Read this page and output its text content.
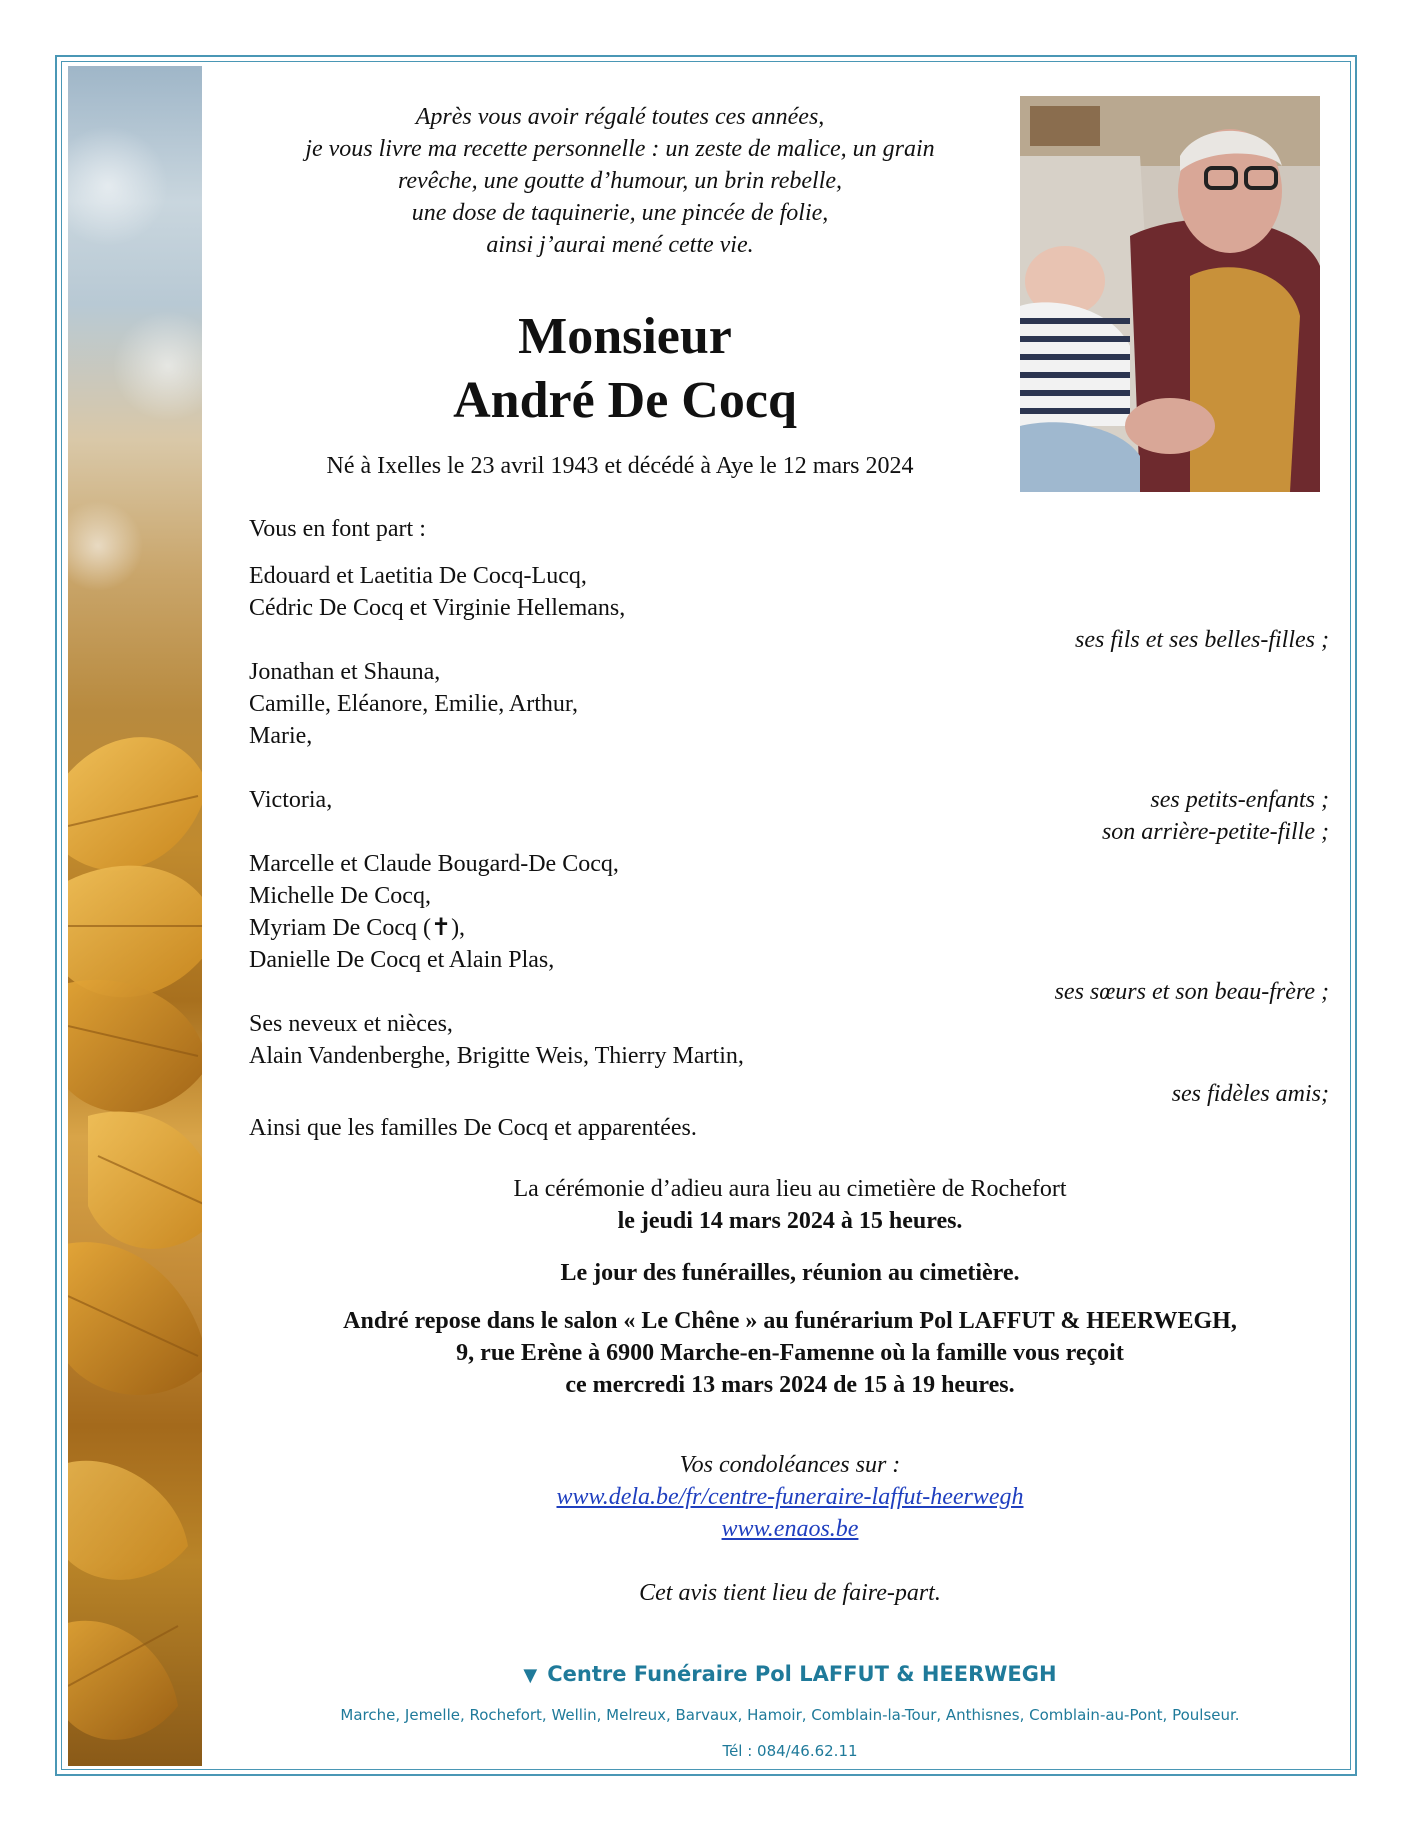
Après vous avoir régalé toutes ces années,
je vous livre ma recette personnelle : un zeste de malice, un grain
revêche, une goutte d’humour, un brin rebelle,
une dose de taquinerie, une pincée de folie,
ainsi j’aurai mené cette vie.
Monsieur
André De Cocq
Né à Ixelles le 23 avril 1943 et décédé à Aye le 12 mars 2024
Vous en font part :
Edouard et Laetitia De Cocq-Lucq,
Cédric De Cocq et Virginie Hellemans,
ses fils et ses belles-filles ;
Jonathan et Shauna,
Camille, Eléanore, Emilie, Arthur,
Marie,
ses petits-enfants ;
Victoria,
son arrière-petite-fille ;
Marcelle et Claude Bougard-De Cocq,
Michelle De Cocq,
Myriam De Cocq (✝),
Danielle De Cocq et Alain Plas,
ses sœurs et son beau-frère ;
Ses neveux et nièces,
Alain Vandenberghe, Brigitte Weis, Thierry Martin,
ses fidèles amis;
Ainsi que les familles De Cocq et apparentées.
La cérémonie d’adieu aura lieu au cimetière de Rochefort
le jeudi 14 mars 2024 à 15 heures.
Le jour des funérailles, réunion au cimetière.
André repose dans le salon « Le Chêne » au funérarium Pol LAFFUT & HEERWEGH,
9, rue Erène à 6900 Marche-en-Famenne où la famille vous reçoit
ce mercredi 13 mars 2024 de 15 à 19 heures.
Vos condoléances sur :
www.dela.be/fr/centre-funeraire-laffut-heerwegh
www.enaos.be
Cet avis tient lieu de faire-part.
▼ Centre Funéraire Pol LAFFUT & HEERWEGH
Marche, Jemelle, Rochefort, Wellin, Melreux, Barvaux, Hamoir, Comblain-la-Tour, Anthisnes, Comblain-au-Pont, Poulseur.
Tél : 084/46.62.11
